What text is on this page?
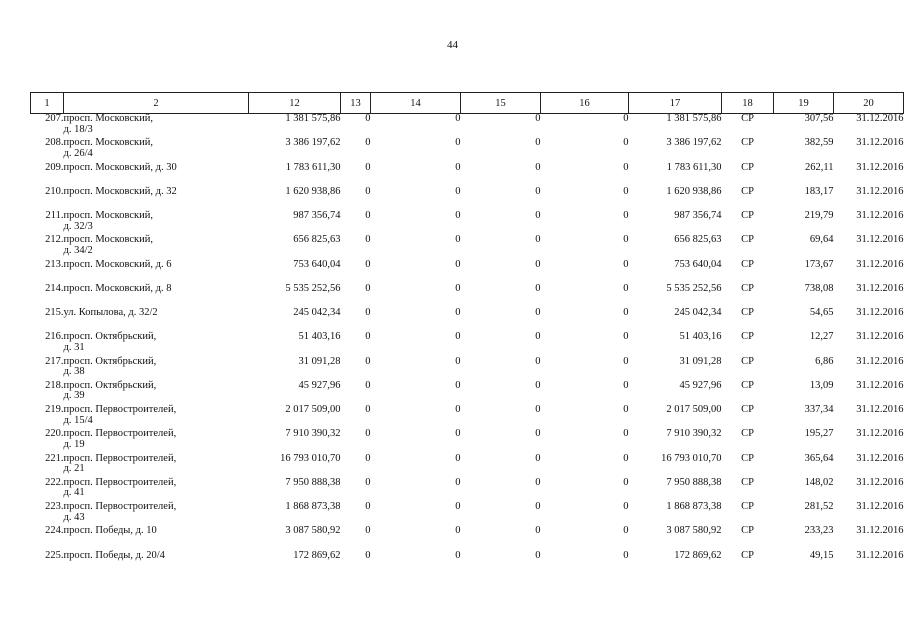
44
1	2	12	13	14	15	16	17	18	19	20
207.	просп. Московский,
д. 18/3	1 381 575,86	0	0	0	0	1 381 575,86	СР	307,56	31.12.2016
208.	просп. Московский,
д. 26/4	3 386 197,62	0	0	0	0	3 386 197,62	СР	382,59	31.12.2016
209.	просп. Московский, д. 30	1 783 611,30	0	0	0	0	1 783 611,30	СР	262,11	31.12.2016
210.	просп. Московский, д. 32	1 620 938,86	0	0	0	0	1 620 938,86	СР	183,17	31.12.2016
211.	просп. Московский,
д. 32/3	987 356,74	0	0	0	0	987 356,74	СР	219,79	31.12.2016
212.	просп. Московский,
д. 34/2	656 825,63	0	0	0	0	656 825,63	СР	69,64	31.12.2016
213.	просп. Московский, д. 6	753 640,04	0	0	0	0	753 640,04	СР	173,67	31.12.2016
214.	просп. Московский, д. 8	5 535 252,56	0	0	0	0	5 535 252,56	СР	738,08	31.12.2016
215.	ул. Копылова, д. 32/2	245 042,34	0	0	0	0	245 042,34	СР	54,65	31.12.2016
216.	просп. Октябрьский,
д. 31	51 403,16	0	0	0	0	51 403,16	СР	12,27	31.12.2016
217.	просп. Октябрьский,
д. 38	31 091,28	0	0	0	0	31 091,28	СР	6,86	31.12.2016
218.	просп. Октябрьский,
д. 39	45 927,96	0	0	0	0	45 927,96	СР	13,09	31.12.2016
219.	просп. Первостроителей,
д. 15/4	2 017 509,00	0	0	0	0	2 017 509,00	СР	337,34	31.12.2016
220.	просп. Первостроителей,
д. 19	7 910 390,32	0	0	0	0	7 910 390,32	СР	195,27	31.12.2016
221.	просп. Первостроителей,
д. 21	16 793 010,70	0	0	0	0	16 793 010,70	СР	365,64	31.12.2016
222.	просп. Первостроителей,
д. 41	7 950 888,38	0	0	0	0	7 950 888,38	СР	148,02	31.12.2016
223.	просп. Первостроителей,
д. 43	1 868 873,38	0	0	0	0	1 868 873,38	СР	281,52	31.12.2016
224.	просп. Победы, д. 10	3 087 580,92	0	0	0	0	3 087 580,92	СР	233,23	31.12.2016
225.	просп. Победы, д. 20/4	172 869,62	0	0	0	0	172 869,62	СР	49,15	31.12.2016
